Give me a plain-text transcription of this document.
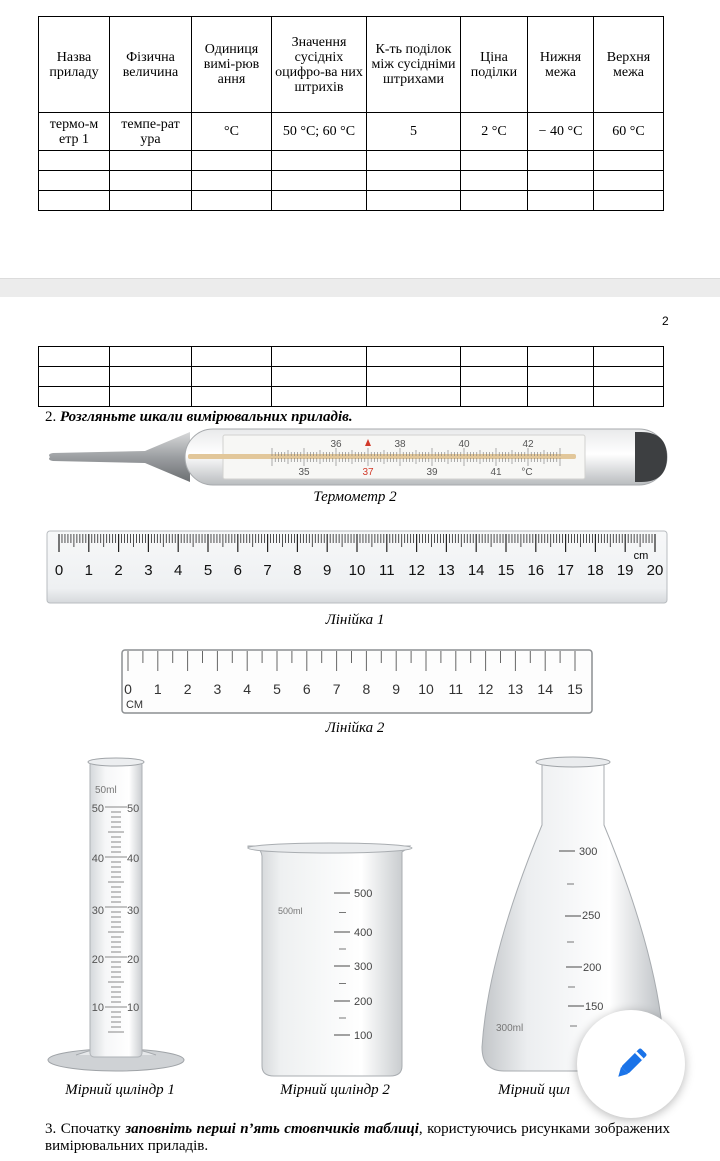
Назва приладу	Фізична величина	Одиниця вимі-рюв ання	Значення сусідніх оцифро-ва них штрихів	К-ть поділок між сусідніми штрихами	Ціна поділки	Нижня межа	Верхня межа
термо-м етр 1	темпе-рат ура	°С	50 °С; 60 °С	5	2 °С	− 40 °С	60 °С

2

2. Розгляньте шкали вимірювальних приладів.
36	38	40	42
35	37	39	41 °C
Термометр 2
0 1 2 3 4 5 6 7 8 9 10 11 12 13 14 15 16 17 18 19 20
cm
Лінійка 1
0 1 2 3 4 5 6 7 8 9 10 11 12 13 14 15
СМ
Лінійка 2
50ml
50 50
40 40
30 30
20 20
10 10
Мірний циліндр 1
500ml
500
400
300
200
100
Мірний циліндр 2
300ml
300
250
200
150
Мірний цил
3. Спочатку заповніть перші п’ять стовпчиків таблиці, користуючись рисунками зображених вимірювальних приладів.
